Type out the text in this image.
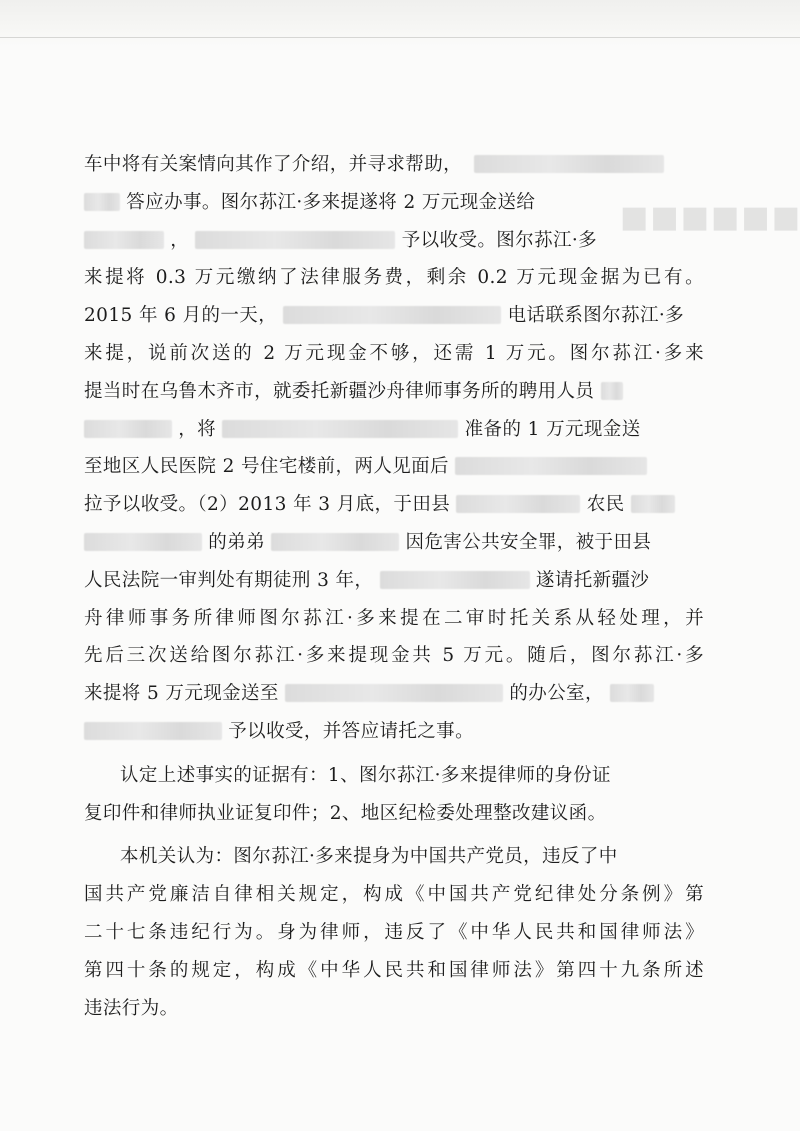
■■■■■■
车中将有关案情向其作了介绍，并寻求帮助，
答应办事。图尔荪江·多来提遂将 2 万元现金送给
，	予以收受。图尔荪江·多
来提将 0.3 万元缴纳了法律服务费，剩余 0.2 万元现金据为已有。
2015 年 6 月的一天，	电话联系图尔荪江·多
来提，说前次送的 2 万元现金不够，还需 1 万元。图尔荪江·多来
提当时在乌鲁木齐市，就委托新疆沙舟律师事务所的聘用人员
，将	准备的 1 万元现金送
至地区人民医院 2 号住宅楼前，两人见面后
拉予以收受。（2）2013 年 3 月底，于田县	农民
的弟弟	因危害公共安全罪，被于田县
人民法院一审判处有期徒刑 3 年，	遂请托新疆沙
舟律师事务所律师图尔荪江·多来提在二审时托关系从轻处理，并
先后三次送给图尔荪江·多来提现金共 5 万元。随后，图尔荪江·多
来提将 5 万元现金送至	的办公室，
予以收受，并答应请托之事。
认定上述事实的证据有：1、图尔荪江·多来提律师的身份证
复印件和律师执业证复印件；2、地区纪检委处理整改建议函。
本机关认为：图尔荪江·多来提身为中国共产党员，违反了中
国共产党廉洁自律相关规定，构成《中国共产党纪律处分条例》第
二十七条违纪行为。身为律师，违反了《中华人民共和国律师法》
第四十条的规定，构成《中华人民共和国律师法》第四十九条所述
违法行为。
